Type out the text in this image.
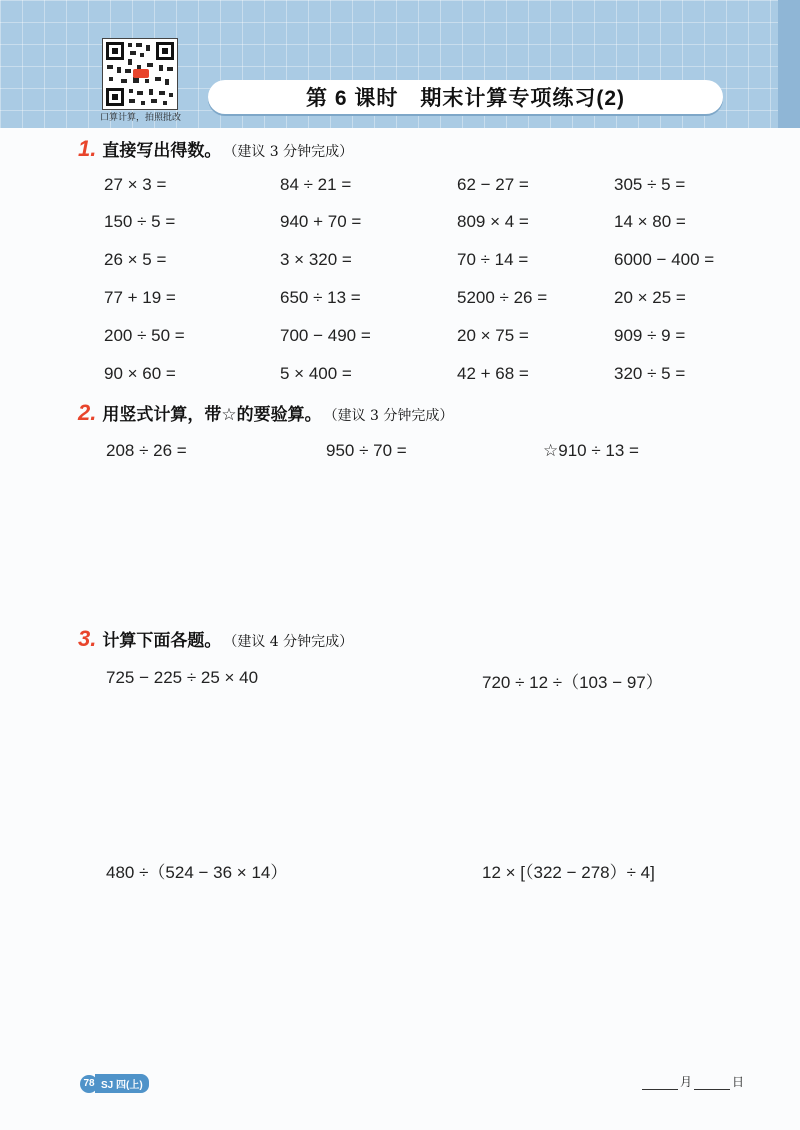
口算计算，拍照批改
第 6 课时 期末计算专项练习(2)
1. 直接写出得数。 （建议 3 分钟完成）
27 × 3 =	84 ÷ 21 =	62 − 27 =	305 ÷ 5 =
150 ÷ 5 =	940 + 70 =	809 × 4 =	14 × 80 =
26 × 5 =	3 × 320 =	70 ÷ 14 =	6000 − 400 =
77 + 19 =	650 ÷ 13 =	5200 ÷ 26 =	20 × 25 =
200 ÷ 50 =	700 − 490 =	20 × 75 =	909 ÷ 9 =
90 × 60 =	5 × 400 =	42 + 68 =	320 ÷ 5 =
2. 用竖式计算，带☆的要验算。 （建议 3 分钟完成）
208 ÷ 26 =	950 ÷ 70 =	☆910 ÷ 13 =
3. 计算下面各题。 （建议 4 分钟完成）
725 − 225 ÷ 25 × 40	720 ÷ 12 ÷（103 − 97）
480 ÷（524 − 36 × 14）	12 × [（322 − 278）÷ 4]
78 SJ 四(上)	月	日
